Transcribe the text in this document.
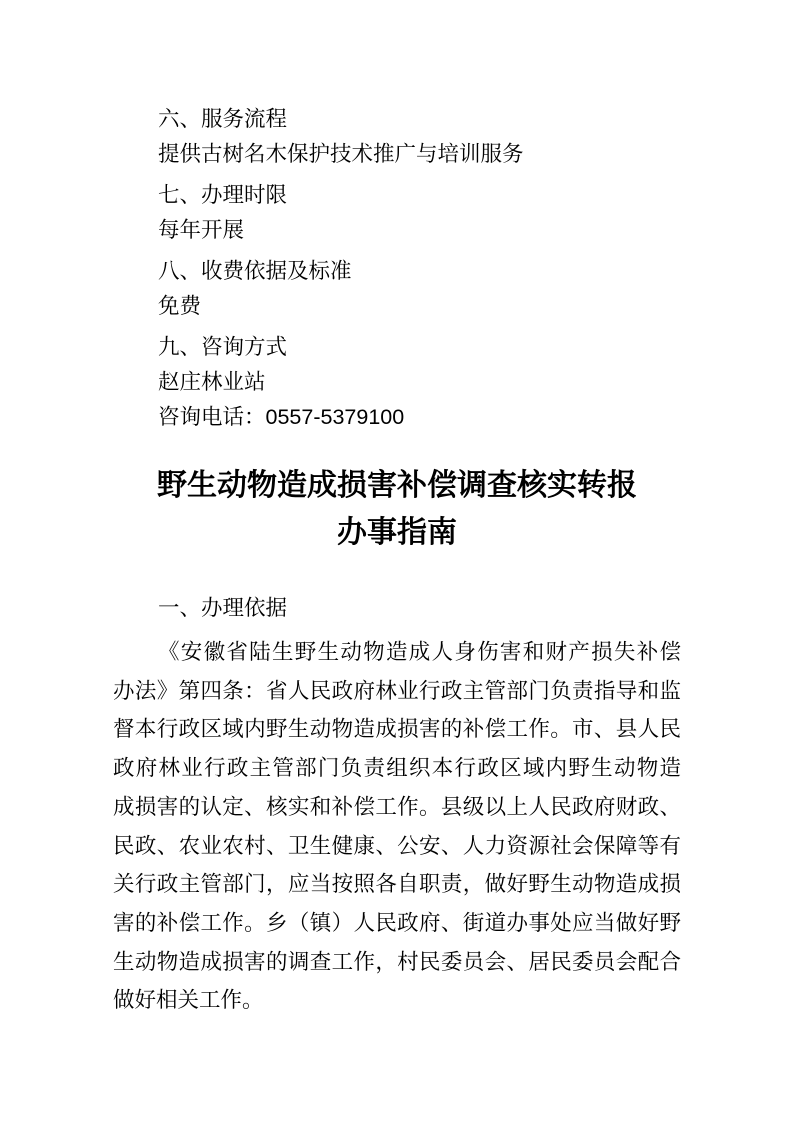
六、服务流程

提供古树名木保护技术推广与培训服务

七、办理时限

每年开展

八、收费依据及标准

免费

九、咨询方式

赵庄林业站

咨询电话：0557-5379100

野生动物造成损害补偿调查核实转报
办事指南

一、办理依据

《安徽省陆生野生动物造成人身伤害和财产损失补偿
办法》第四条：省人民政府林业行政主管部门负责指导和监
督本行政区域内野生动物造成损害的补偿工作。市、县人民
政府林业行政主管部门负责组织本行政区域内野生动物造
成损害的认定、核实和补偿工作。县级以上人民政府财政、
民政、农业农村、卫生健康、公安、人力资源社会保障等有
关行政主管部门，应当按照各自职责，做好野生动物造成损
害的补偿工作。乡（镇）人民政府、街道办事处应当做好野
生动物造成损害的调查工作，村民委员会、居民委员会配合
做好相关工作。
